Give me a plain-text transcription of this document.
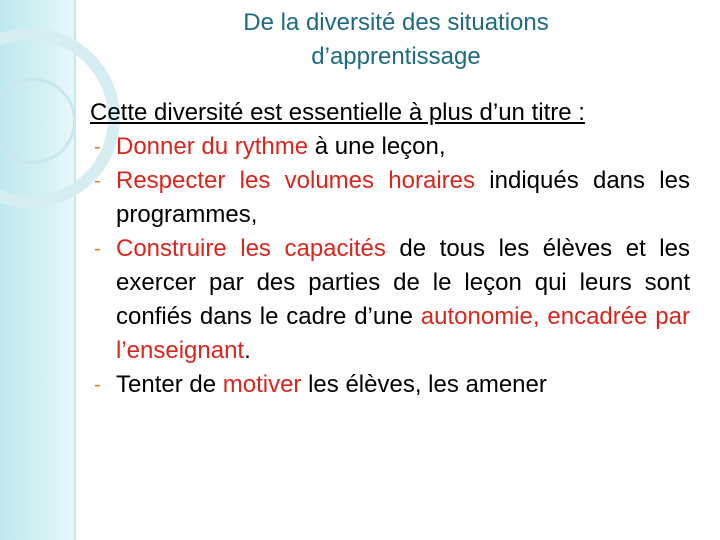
De la diversité des situations
d’apprentissage

Cette diversité est essentielle à plus d’un titre :

- Donner du rythme à une leçon,
- Respecter les volumes horaires indiqués dans les programmes,
- Construire les capacités de tous les élèves et les exercer par des parties de le leçon qui leurs sont confiés dans le cadre d’une autonomie, encadrée par l’enseignant.
- Tenter de motiver les élèves, les amener
